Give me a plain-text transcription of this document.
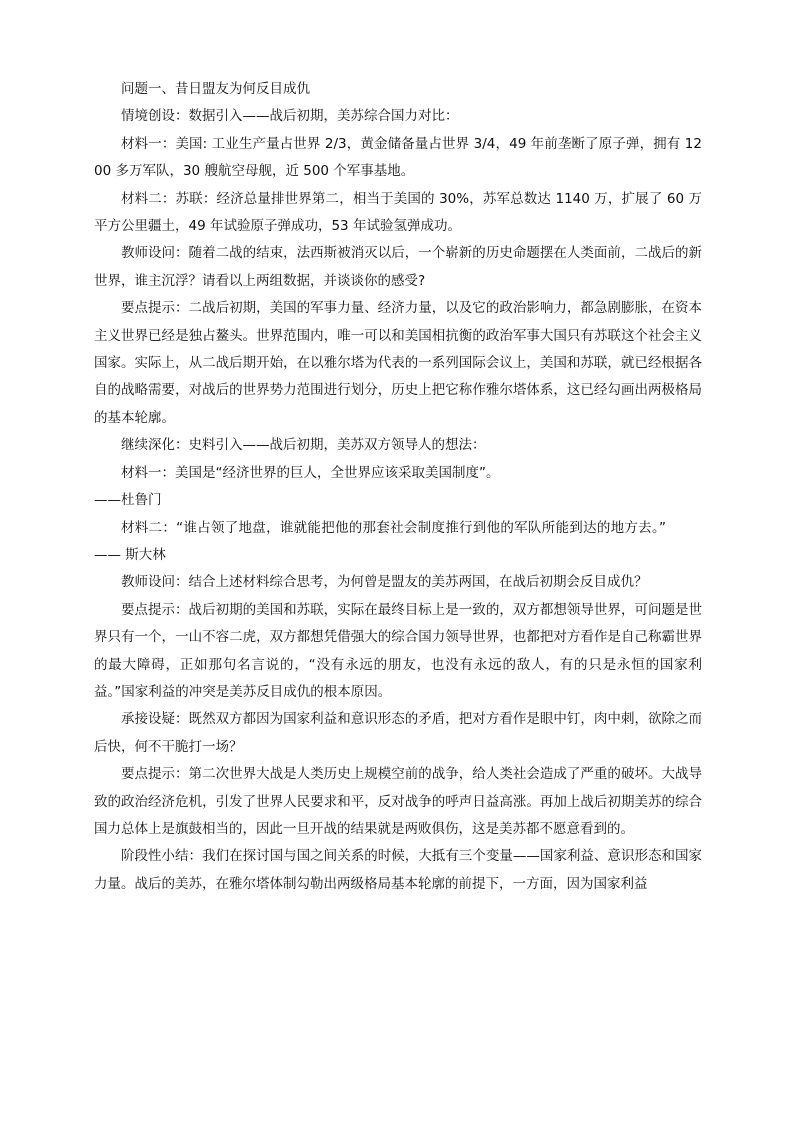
问题一、昔日盟友为何反目成仇

情境创设：数据引入——战后初期，美苏综合国力对比：

材料一：美国: 工业生产量占世界 2/3，黄金储备量占世界 3/4，49 年前垄断了原子弹，拥有 1200 多万军队，30 艘航空母舰，近 500 个军事基地。

材料二：苏联：经济总量排世界第二，相当于美国的 30%，苏军总数达 1140 万，扩展了 60 万平方公里疆土，49 年试验原子弹成功，53 年试验氢弹成功。

教师设问：随着二战的结束，法西斯被消灭以后，一个崭新的历史命题摆在人类面前，二战后的新世界，谁主沉浮？请看以上两组数据，并谈谈你的感受?

要点提示：二战后初期，美国的军事力量、经济力量，以及它的政治影响力，都急剧膨胀，在资本主义世界已经是独占鳌头。世界范围内，唯一可以和美国相抗衡的政治军事大国只有苏联这个社会主义国家。实际上，从二战后期开始，在以雅尔塔为代表的一系列国际会议上，美国和苏联，就已经根据各自的战略需要，对战后的世界势力范围进行划分，历史上把它称作雅尔塔体系，这已经勾画出两极格局的基本轮廓。

继续深化：史料引入——战后初期，美苏双方领导人的想法：

材料一：美国是“经济世界的巨人，全世界应该采取美国制度”。

——杜鲁门

材料二：“谁占领了地盘，谁就能把他的那套社会制度推行到他的军队所能到达的地方去。”—— 斯大林

教师设问：结合上述材料综合思考，为何曾是盟友的美苏两国，在战后初期会反目成仇？

要点提示：战后初期的美国和苏联，实际在最终目标上是一致的，双方都想领导世界，可问题是世界只有一个，一山不容二虎，双方都想凭借强大的综合国力领导世界，也都把对方看作是自己称霸世界的最大障碍，正如那句名言说的，“没有永远的朋友，也没有永远的敌人，有的只是永恒的国家利益。”国家利益的冲突是美苏反目成仇的根本原因。

承接设疑：既然双方都因为国家利益和意识形态的矛盾，把对方看作是眼中钉，肉中刺，欲除之而后快，何不干脆打一场？

要点提示：第二次世界大战是人类历史上规模空前的战争，给人类社会造成了严重的破坏。大战导致的政治经济危机，引发了世界人民要求和平，反对战争的呼声日益高涨。再加上战后初期美苏的综合国力总体上是旗鼓相当的，因此一旦开战的结果就是两败俱伤，这是美苏都不愿意看到的。

阶段性小结：我们在探讨国与国之间关系的时候，大抵有三个变量——国家利益、意识形态和国家力量。战后的美苏，在雅尔塔体制勾勒出两级格局基本轮廓的前提下，一方面，因为国家利益
